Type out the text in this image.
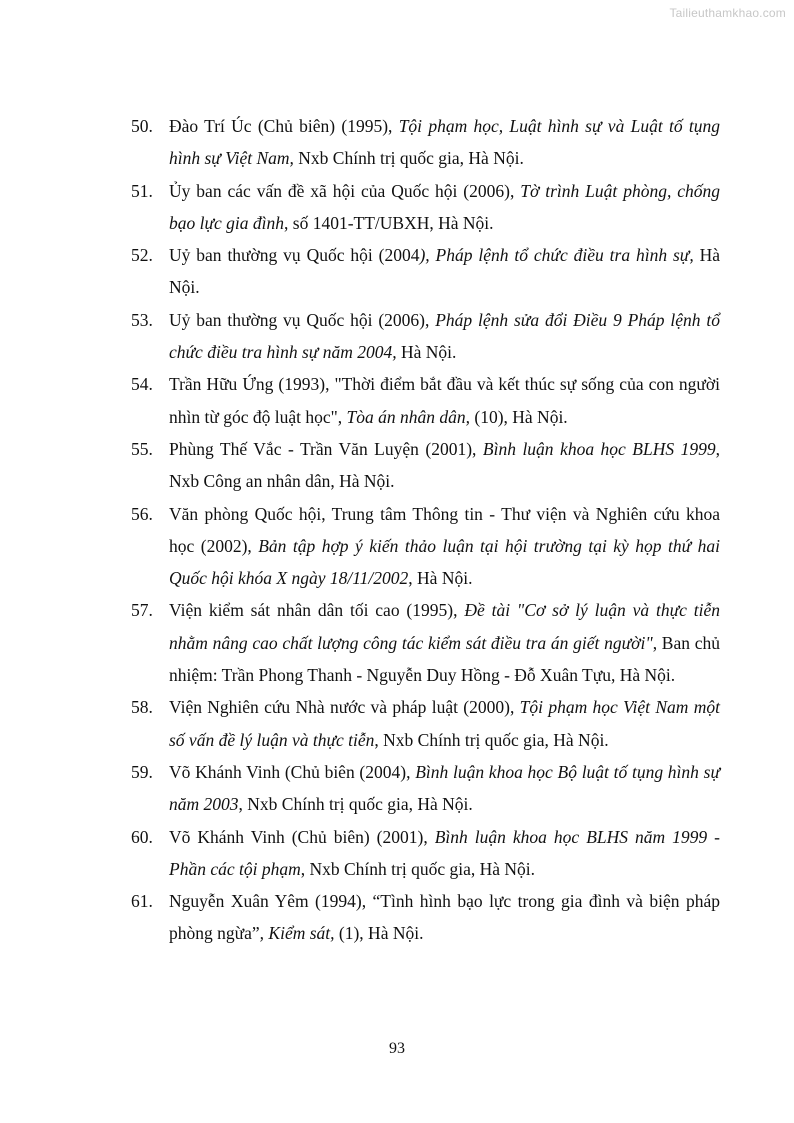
Tailieuthamkhao.com
50. Đào Trí Úc (Chủ biên) (1995), Tội phạm học, Luật hình sự và Luật tố tụng hình sự Việt Nam, Nxb Chính trị quốc gia, Hà Nội.
51. Ủy ban các vấn đề xã hội của Quốc hội (2006), Tờ trình Luật phòng, chống bạo lực gia đình, số 1401-TT/UBXH, Hà Nội.
52. Uỷ ban thường vụ Quốc hội (2004), Pháp lệnh tổ chức điều tra hình sự, Hà Nội.
53. Uỷ ban thường vụ Quốc hội (2006), Pháp lệnh sửa đổi Điều 9 Pháp lệnh tổ chức điều tra hình sự năm 2004, Hà Nội.
54. Trần Hữu Ứng (1993), "Thời điểm bắt đầu và kết thúc sự sống của con người nhìn từ góc độ luật học", Tòa án nhân dân, (10), Hà Nội.
55. Phùng Thế Vắc - Trần Văn Luyện (2001), Bình luận khoa học BLHS 1999, Nxb Công an nhân dân, Hà Nội.
56. Văn phòng Quốc hội, Trung tâm Thông tin - Thư viện và Nghiên cứu khoa học (2002), Bản tập hợp ý kiến thảo luận tại hội trường tại kỳ họp thứ hai Quốc hội khóa X ngày 18/11/2002, Hà Nội.
57. Viện kiểm sát nhân dân tối cao (1995), Đề tài "Cơ sở lý luận và thực tiễn nhằm nâng cao chất lượng công tác kiểm sát điều tra án giết người", Ban chủ nhiệm: Trần Phong Thanh - Nguyễn Duy Hồng - Đỗ Xuân Tựu, Hà Nội.
58. Viện Nghiên cứu Nhà nước và pháp luật (2000), Tội phạm học Việt Nam một số vấn đề lý luận và thực tiễn, Nxb Chính trị quốc gia, Hà Nội.
59. Võ Khánh Vinh (Chủ biên (2004), Bình luận khoa học Bộ luật tố tụng hình sự năm 2003, Nxb Chính trị quốc gia, Hà Nội.
60. Võ Khánh Vinh (Chủ biên) (2001), Bình luận khoa học BLHS năm 1999 - Phần các tội phạm, Nxb Chính trị quốc gia, Hà Nội.
61. Nguyễn Xuân Yêm (1994), “Tình hình bạo lực trong gia đình và biện pháp phòng ngừa”, Kiểm sát, (1), Hà Nội.
93
